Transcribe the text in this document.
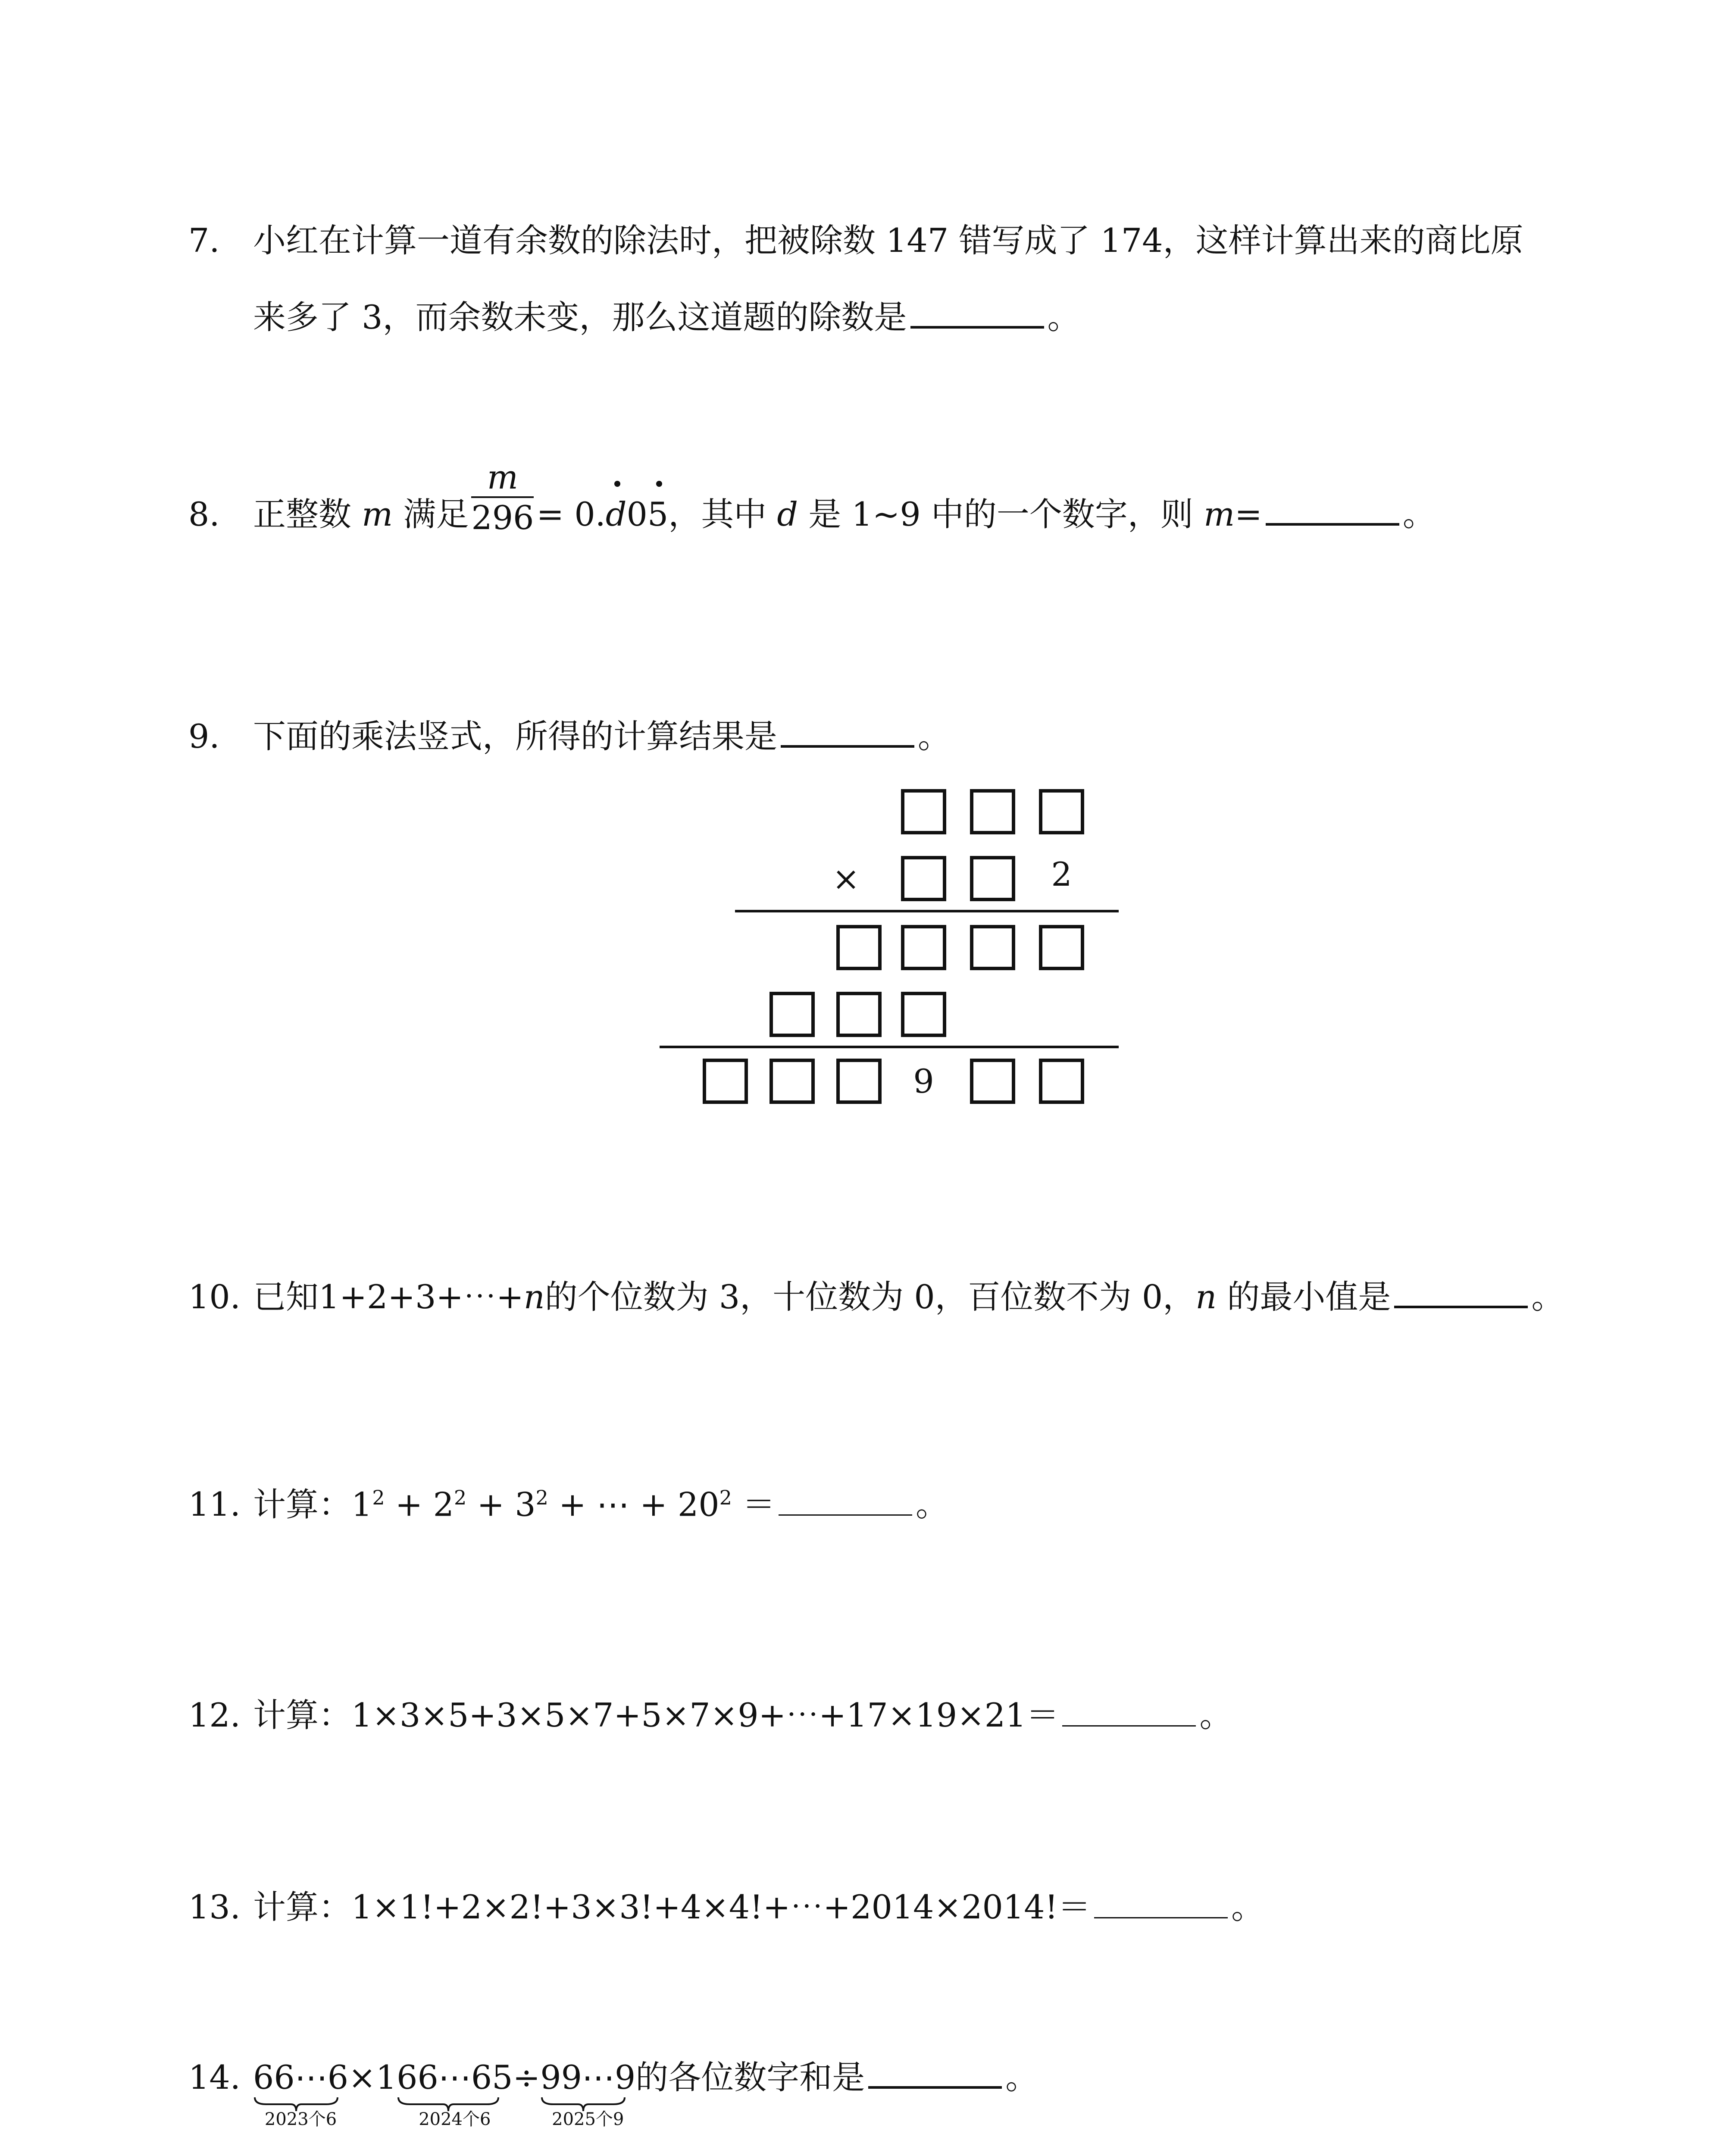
7. 小红在计算一道有余数的除法时，把被除数 147 错写成了 174，这样计算出来的商比原
来多了 3，而余数未变，那么这道题的除数是	。
8. 正整数 m 满足 $\frac{m}{296} = 0$.
d0
5，其中 d 是 1~9 中的一个数字，则 m=	。
9. 下面的乘法竖式，所得的计算结果是	。
×	2
9
10. 已知1+2+3+⋯+n的个位数为 3，十位数为 0，百位数不为 0，n 的最小值是	。
11. 计算：$1^2 + 2^2 + 3^2$ + ⋯ + $20^2$ ＝	。
12. 计算：1×3×5+3×5×7+5×7×9+⋯+17×19×21＝	。
13. 计算：1×1!+2×2!+3×3!+4×4!+⋯+2014×2014!＝	。
14. 66⋯6
2023个6
×166⋯65
2024个6
÷99⋯9
2025个9
的各位数字和是	。
